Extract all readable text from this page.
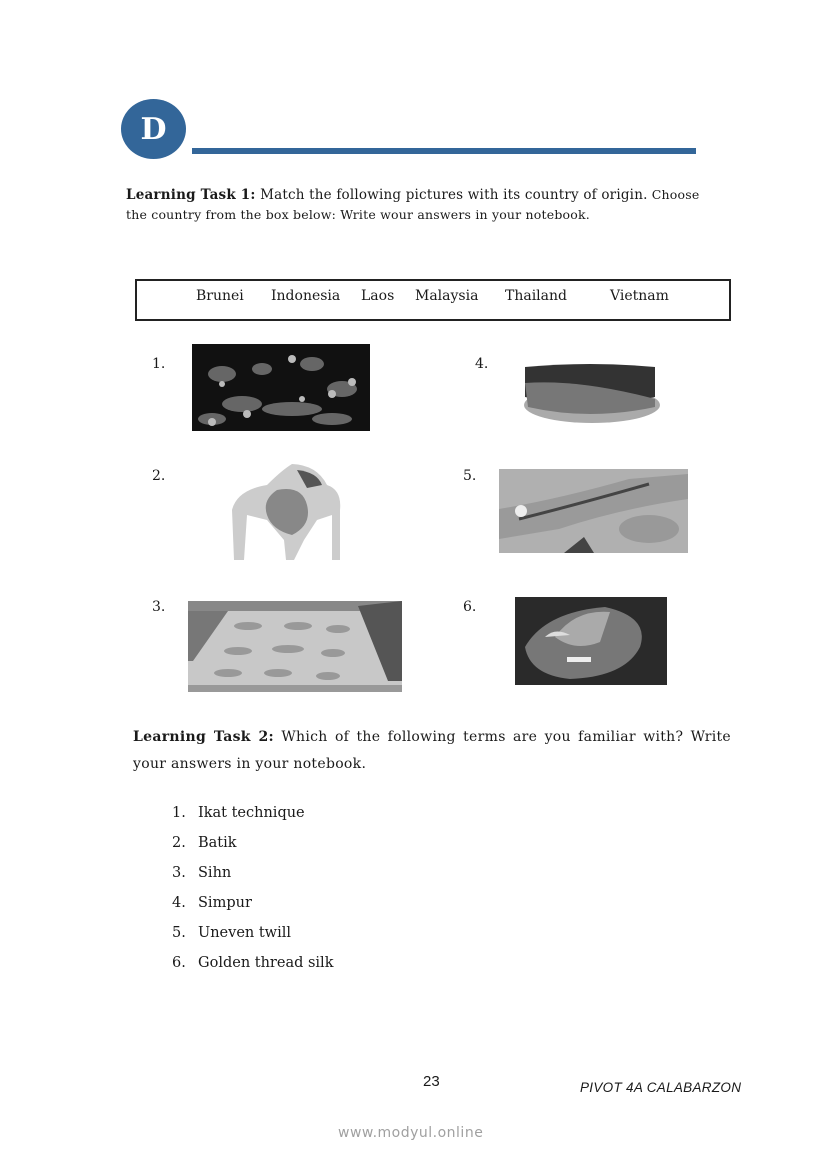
D
Learning Task 1: Match the following pictures with its country of origin. Choose
the country from the box below: Write wour answers in your notebook.
Brunei Indonesia Laos Malaysia Thailand	Vietnam
1.	4.
2.	5.
3.	6.
Learning Task 2: Which of the following terms are you familiar with? Write your answers in your notebook.
1. Ikat technique
2. Batik
3. Sihn
4. Simpur
5. Uneven twill
6. Golden thread silk
23	PIVOT 4A CALABARZON
www.modyul.online
